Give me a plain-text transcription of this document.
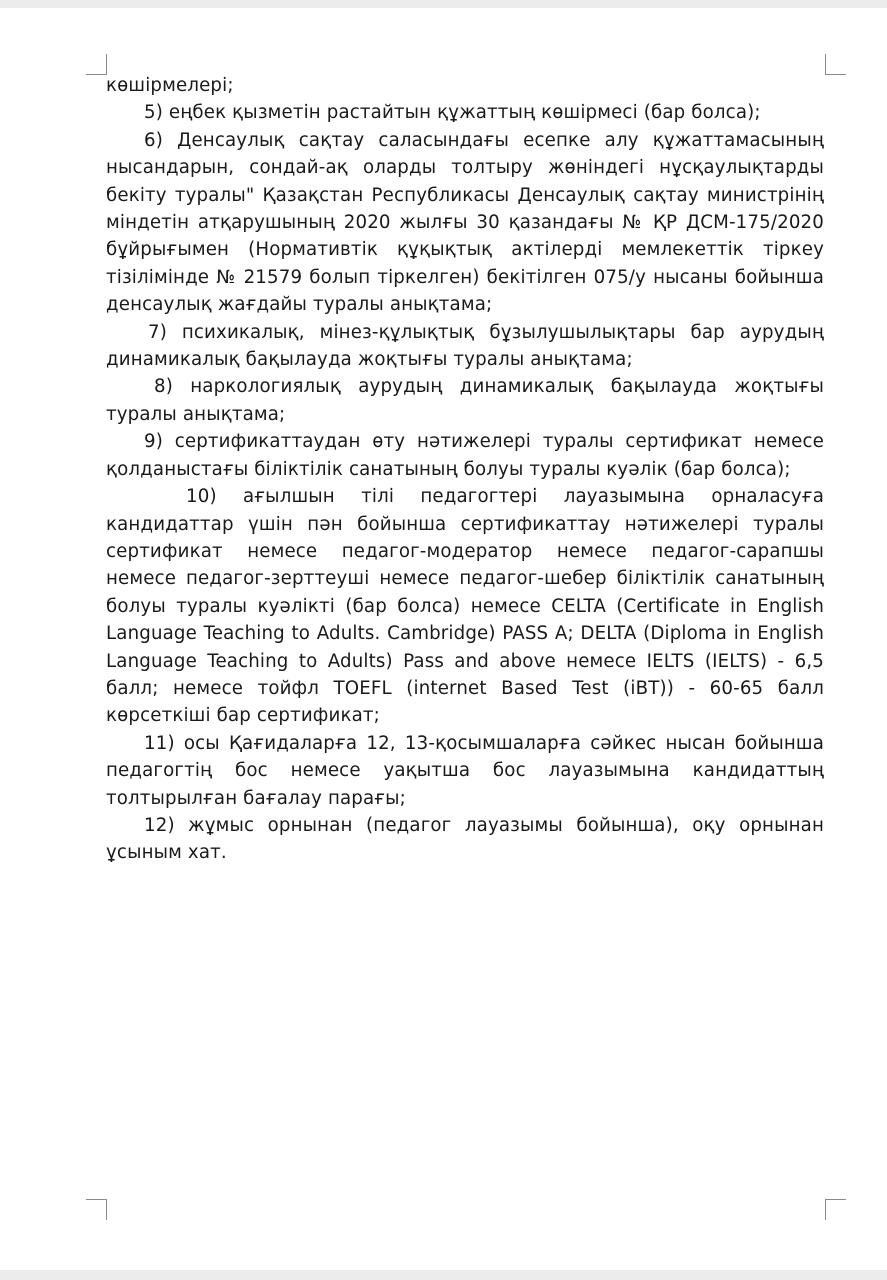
көшірмелері;

5) еңбек қызметін растайтын құжаттың көшірмесі (бар болса);

6) Денсаулық сақтау саласындағы есепке алу құжаттамасының нысандарын, сондай-ақ оларды толтыру жөніндегі нұсқаулықтарды бекіту туралы" Қазақстан Республикасы Денсаулық сақтау министрінің міндетін атқарушының 2020 жылғы 30 қазандағы № ҚР ДСМ-175/2020 бұйрығымен (Нормативтік құқықтық актілерді мемлекеттік тіркеу тізілімінде № 21579 болып тіркелген) бекітілген 075/у нысаны бойынша денсаулық жағдайы туралы анықтама;

7) психикалық, мінез-құлықтық бұзылушылықтары бар аурудың динамикалық бақылауда жоқтығы туралы анықтама;

8) наркологиялық аурудың динамикалық бақылауда жоқтығы туралы анықтама;

9) сертификаттаудан өту нәтижелері туралы сертификат немесе қолданыстағы біліктілік санатының болуы туралы куәлік (бар болса);

10) ағылшын тілі педагогтері лауазымына орналасуға кандидаттар үшін пән бойынша сертификаттау нәтижелері туралы сертификат немесе педагог-модератор немесе педагог-сарапшы немесе педагог-зерттеуші немесе педагог-шебер біліктілік санатының болуы туралы куәлікті (бар болса) немесе CELTA (Certificate in English Language Teaching to Adults. Cambridge) PASS A; DELTA (Diploma in English Language Teaching to Adults) Pass and above немесе IELTS (IELTS) - 6,5 балл; немесе тойфл TOEFL (internet Based Test (iBT)) - 60-65 балл көрсеткіші бар сертификат;

11) осы Қағидаларға 12, 13-қосымшаларға сәйкес нысан бойынша педагогтің бос немесе уақытша бос лауазымына кандидаттың толтырылған бағалау парағы;

12) жұмыс орнынан (педагог лауазымы бойынша), оқу орнынан ұсыным хат.
